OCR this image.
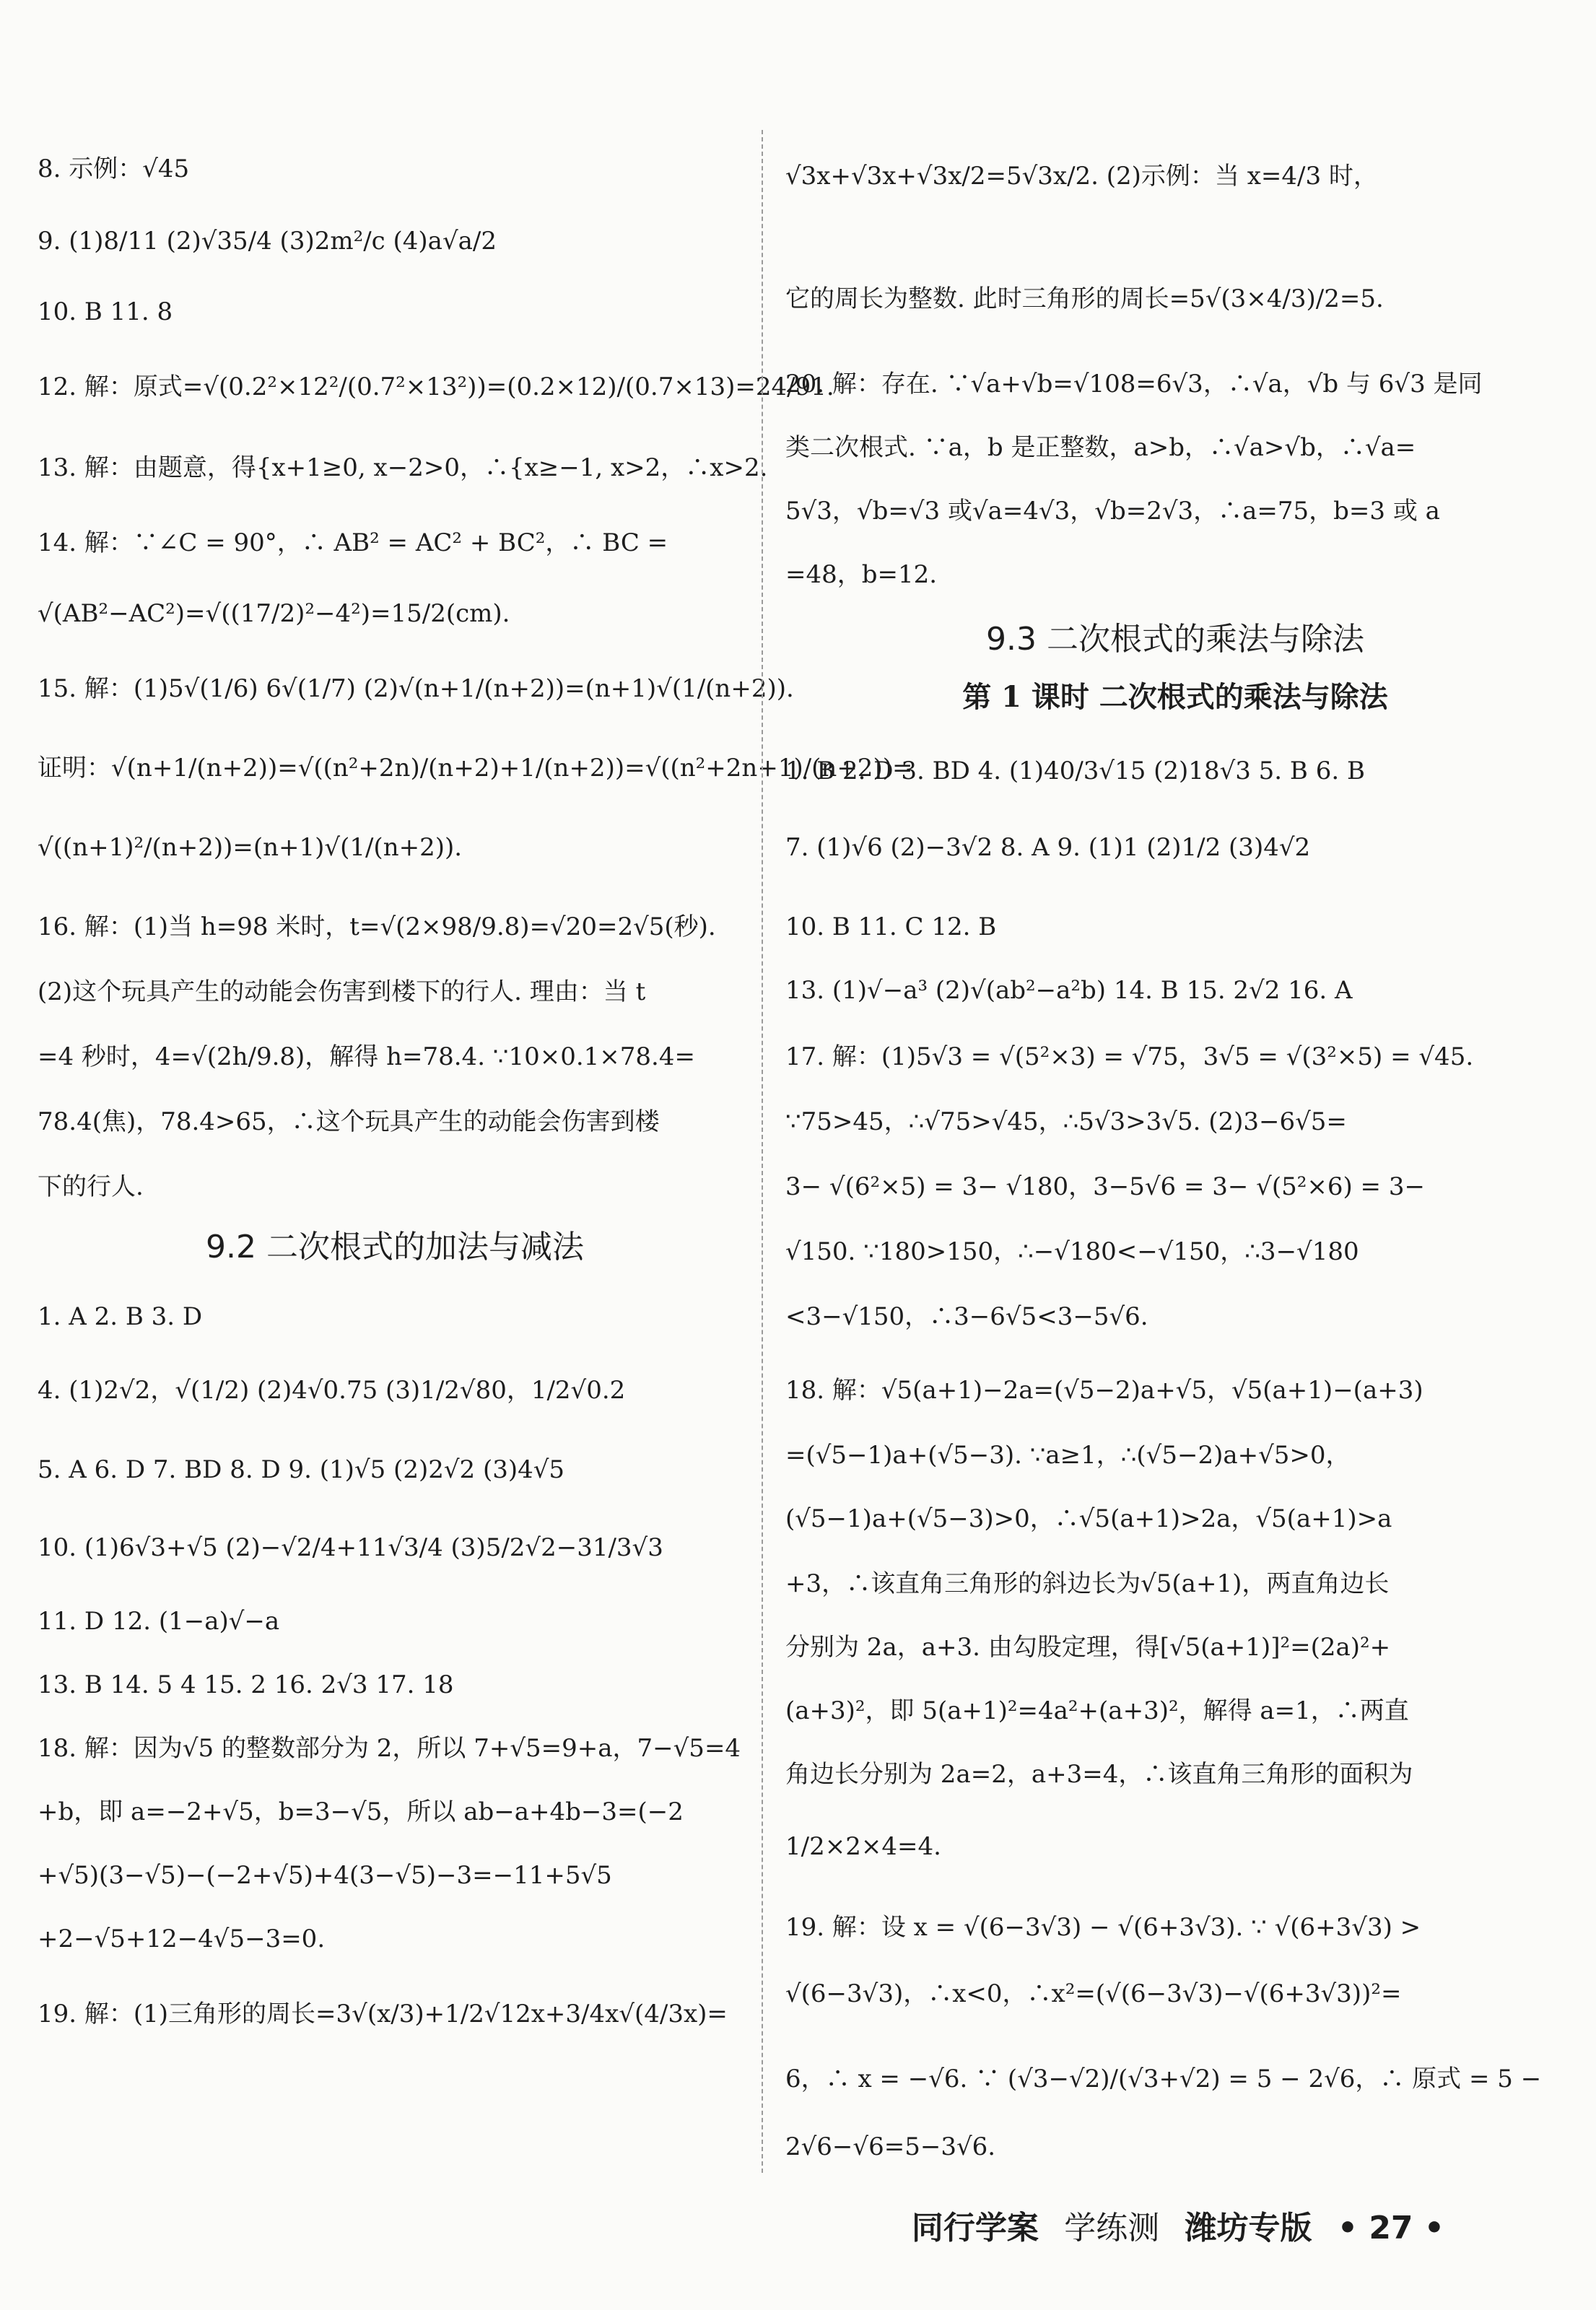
9.2 二次根式的加法与减法
8. 示例：√45
9. (1)8/11 (2)√35/4 (3)2m²/c (4)a√a/2
10. B 11. 8
12. 解：原式=√(0.2²×12²/(0.7²×13²))=(0.2×12)/(0.7×13)=24/91.
13. 解：由题意，得{x+1≥0, x−2>0，∴{x≥−1, x>2，∴x>2.
14. 解：∵∠C = 90°，∴ AB² = AC² + BC²，∴ BC =
√(AB²−AC²)=√((17/2)²−4²)=15/2(cm).
15. 解：(1)5√(1/6) 6√(1/7) (2)√(n+1/(n+2))=(n+1)√(1/(n+2)).
证明：√(n+1/(n+2))=√((n²+2n)/(n+2)+1/(n+2))=√((n²+2n+1)/(n+2))=
√((n+1)²/(n+2))=(n+1)√(1/(n+2)).
16. 解：(1)当 h=98 米时，t=√(2×98/9.8)=√20=2√5(秒).
(2)这个玩具产生的动能会伤害到楼下的行人. 理由：当 t
=4 秒时，4=√(2h/9.8)，解得 h=78.4. ∵10×0.1×78.4=
78.4(焦)，78.4>65，∴这个玩具产生的动能会伤害到楼
下的行人.
1. A 2. B 3. D
4. (1)2√2，√(1/2) (2)4√0.75 (3)1/2√80，1/2√0.2
5. A 6. D 7. BD 8. D 9. (1)√5 (2)2√2 (3)4√5
10. (1)6√3+√5 (2)−√2/4+11√3/4 (3)5/2√2−31/3√3
11. D 12. (1−a)√−a
13. B 14. 5 4 15. 2 16. 2√3 17. 18
18. 解：因为√5 的整数部分为 2，所以 7+√5=9+a，7−√5=4
+b，即 a=−2+√5，b=3−√5，所以 ab−a+4b−3=(−2
+√5)(3−√5)−(−2+√5)+4(3−√5)−3=−11+5√5
+2−√5+12−4√5−3=0.
19. 解：(1)三角形的周长=3√(x/3)+1/2√12x+3/4x√(4/3x)=
9.3 二次根式的乘法与除法
第 1 课时 二次根式的乘法与除法
√3x+√3x+√3x/2=5√3x/2. (2)示例：当 x=4/3 时，
它的周长为整数. 此时三角形的周长=5√(3×4/3)/2=5.
20. 解：存在. ∵√a+√b=√108=6√3，∴√a，√b 与 6√3 是同
类二次根式. ∵a，b 是正整数，a>b，∴√a>√b，∴√a=
5√3，√b=√3 或√a=4√3，√b=2√3，∴a=75，b=3 或 a
=48，b=12.
1. B 2. D 3. BD 4. (1)40/3√15 (2)18√3 5. B 6. B
7. (1)√6 (2)−3√2 8. A 9. (1)1 (2)1/2 (3)4√2
10. B 11. C 12. B
13. (1)√−a³ (2)√(ab²−a²b) 14. B 15. 2√2 16. A
17. 解：(1)5√3 = √(5²×3) = √75，3√5 = √(3²×5) = √45.
∵75>45，∴√75>√45，∴5√3>3√5. (2)3−6√5=
3− √(6²×5) = 3− √180，3−5√6 = 3− √(5²×6) = 3−
√150. ∵180>150，∴−√180<−√150，∴3−√180
<3−√150，∴3−6√5<3−5√6.
18. 解：√5(a+1)−2a=(√5−2)a+√5，√5(a+1)−(a+3)
=(√5−1)a+(√5−3). ∵a≥1，∴(√5−2)a+√5>0，
(√5−1)a+(√5−3)>0，∴√5(a+1)>2a，√5(a+1)>a
+3，∴该直角三角形的斜边长为√5(a+1)，两直角边长
分别为 2a，a+3. 由勾股定理，得[√5(a+1)]²=(2a)²+
(a+3)²，即 5(a+1)²=4a²+(a+3)²，解得 a=1，∴两直
角边长分别为 2a=2，a+3=4，∴该直角三角形的面积为
1/2×2×4=4.
19. 解：设 x = √(6−3√3) − √(6+3√3). ∵ √(6+3√3) >
√(6−3√3)，∴x<0，∴x²=(√(6−3√3)−√(6+3√3))²=
6，∴ x = −√6. ∵ (√3−√2)/(√3+√2) = 5 − 2√6，∴ 原式 = 5 −
2√6−√6=5−3√6.
同行学案 学练测 潍坊专版 • 27 •
